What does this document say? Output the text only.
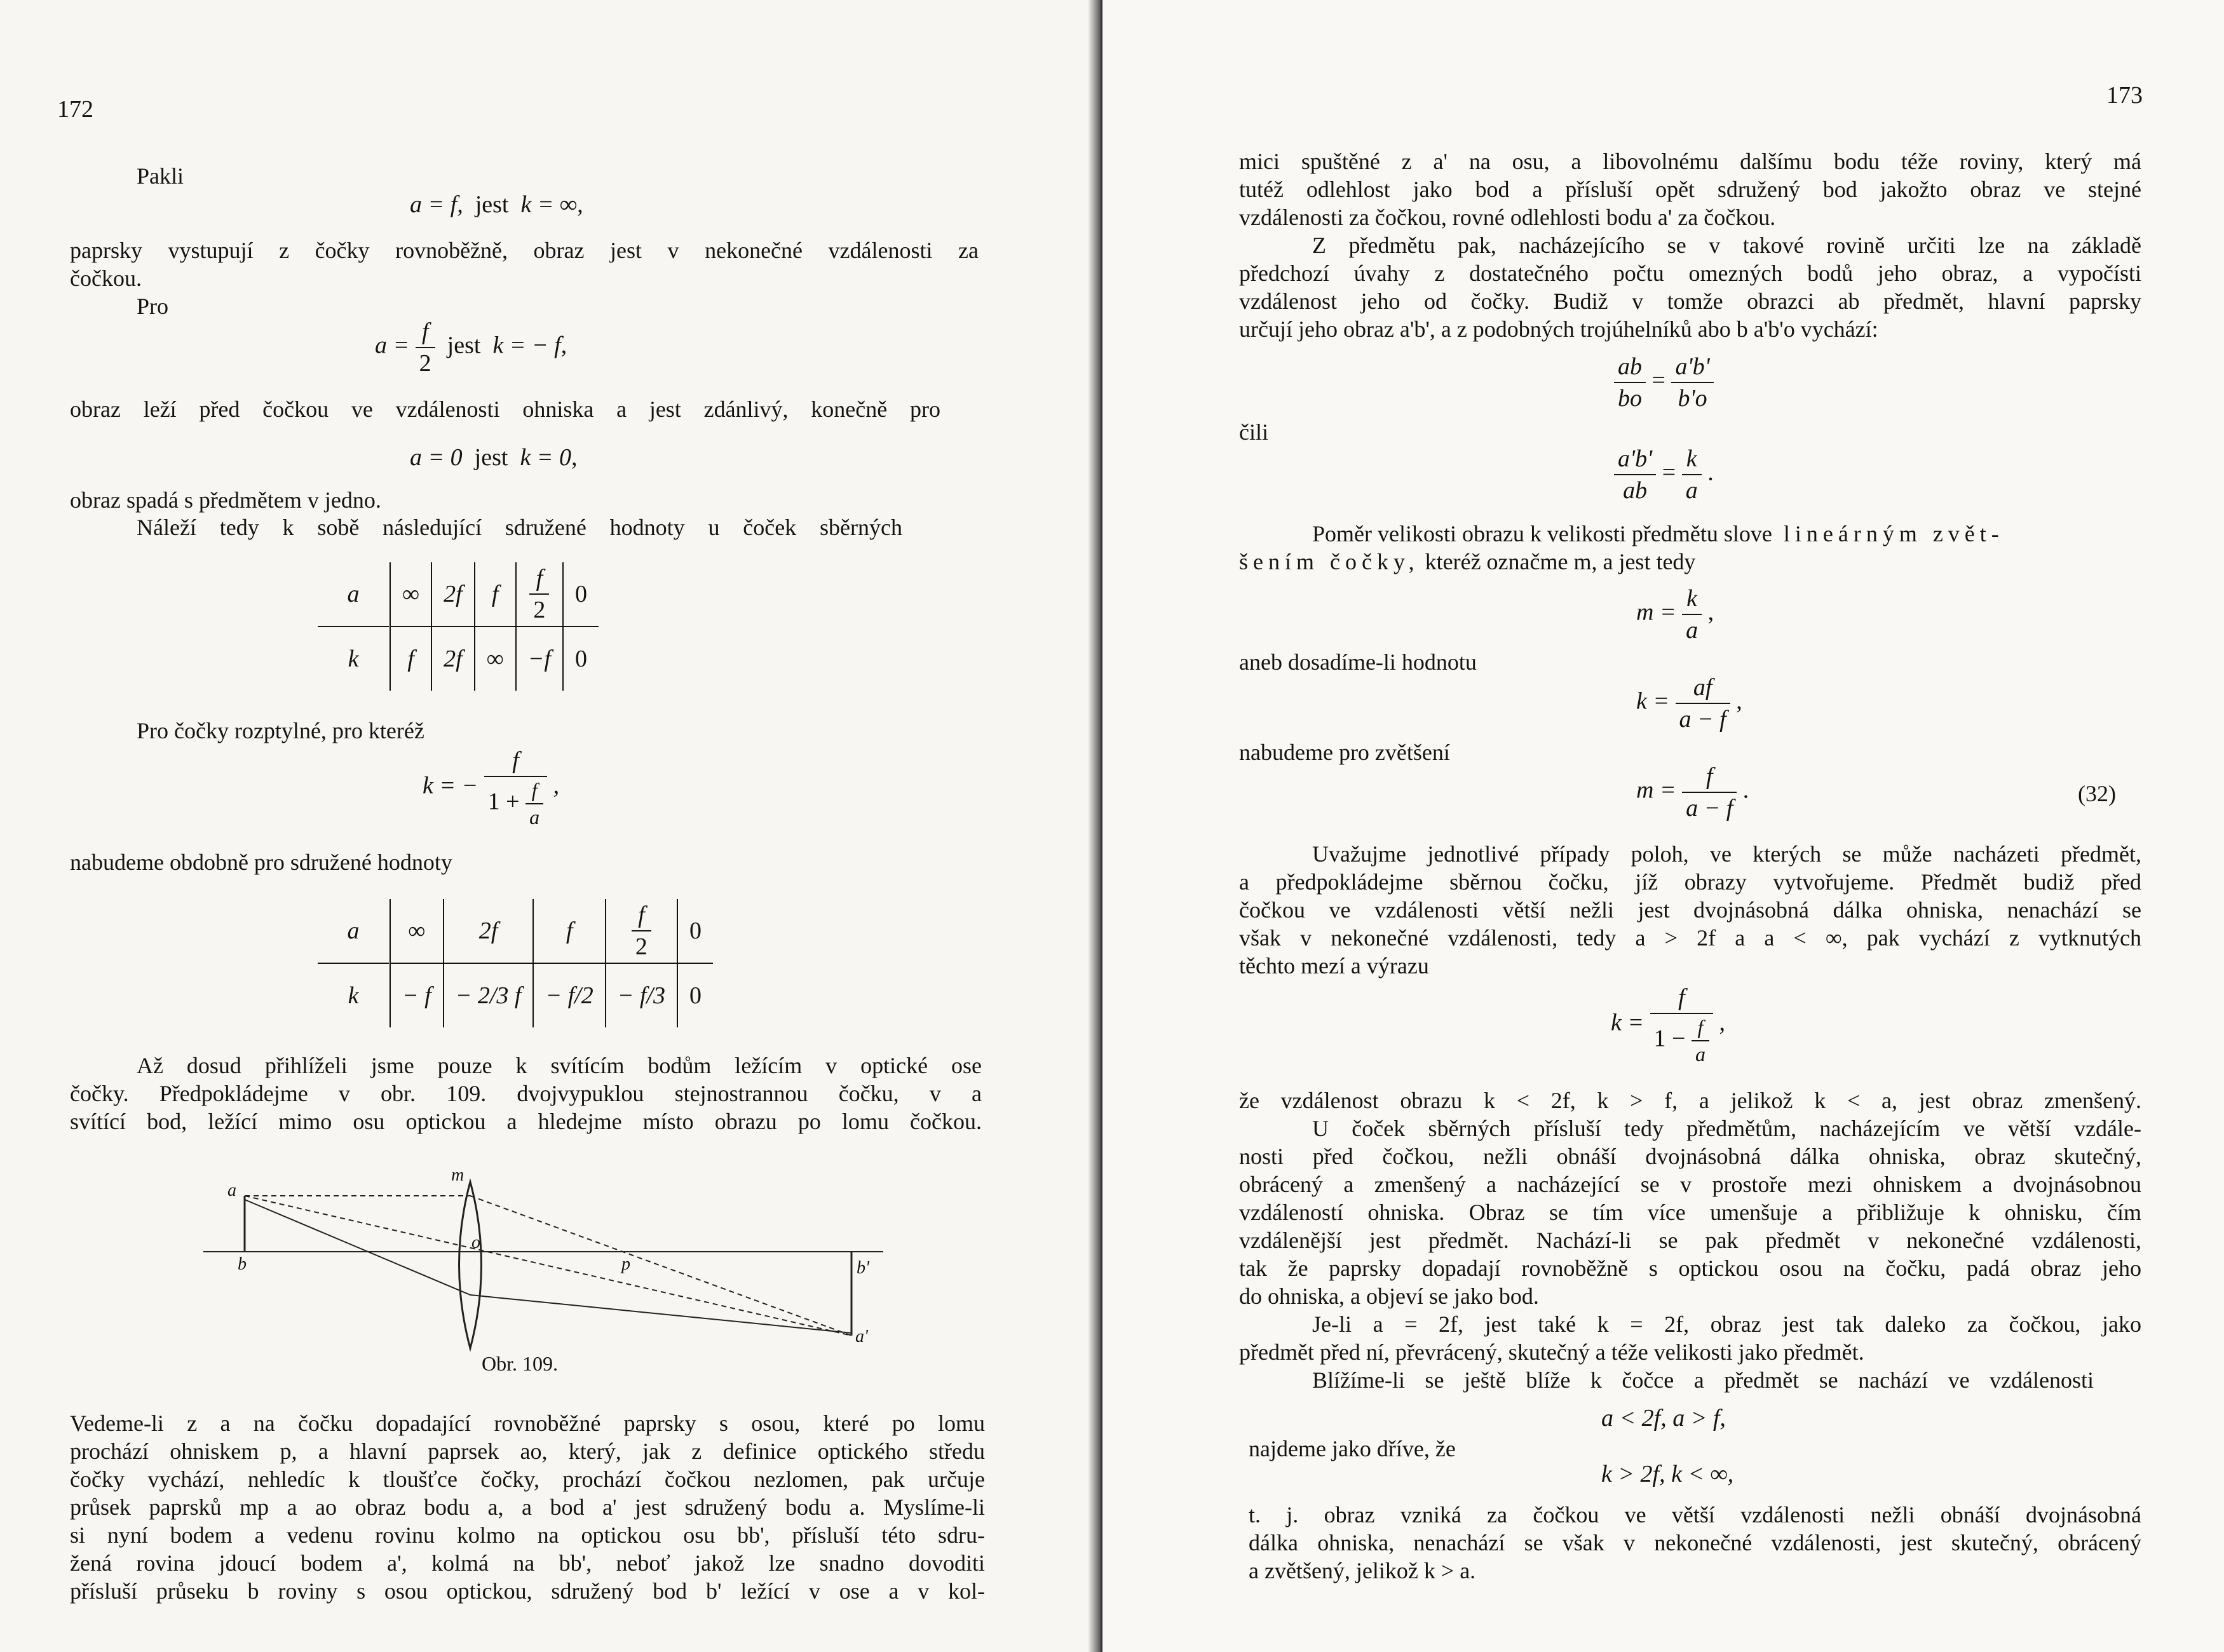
172
Pakli
a = f, jest k = ∞,
paprsky vystupují z čočky rovnoběžně, obraz jest v nekonečné vzdálenosti za
čočkou.
Pro
$a = \frac{f}{2}$ jest k = − f,
obraz leží před čočkou ve vzdálenosti ohniska a jest zdánlivý, konečně pro
a = 0 jest k = 0,
obraz spadá s předmětem v jedno.
Náleží tedy k sobě následující sdružené hodnoty u čoček sběrných
a	∞	2f	f	$\frac{f}{2}$	0
k	f	2f	∞	−f	0
Pro čočky rozptylné, pro kteréž
k = − $\frac{f}{1 + \frac{f}{a}}$ ,
nabudeme obdobně pro sdružené hodnoty
a	∞	2f	f	$\frac{f}{2}$	0
k	− f	− 2/3 f	− f/2	− f/3	0
Až dosud přihlíželi jsme pouze k svítícím bodům ležícím v optické ose
čočky. Předpokládejme v obr. 109. dvojvypuklou stejnostrannou čočku, v a
svítící bod, ležící mimo osu optickou a hledejme místo obrazu po lomu čočkou.
a
m
b
o
p	b'
a'
Obr. 109.
Vedeme-li z a na čočku dopadající rovnoběžné paprsky s osou, které po lomu
prochází ohniskem p, a hlavní paprsek ao, který, jak z definice optického středu
čočky vychází, nehledíc k tloušťce čočky, prochází čočkou nezlomen, pak určuje
průsek paprsků mp a ao obraz bodu a, a bod a' jest sdružený bodu a. Myslíme-li
si nyní bodem a vedenu rovinu kolmo na optickou osu bb', přísluší této sdru-
žená rovina jdoucí bodem a', kolmá na bb', neboť jakož lze snadno dovoditi
přísluší průseku b roviny s osou optickou, sdružený bod b' ležící v ose a v kol-
173
mici spuštěné z a' na osu, a libovolnému dalšímu bodu téže roviny, který má
tutéž odlehlost jako bod a přísluší opět sdružený bod jakožto obraz ve stejné
vzdálenosti za čočkou, rovné odlehlosti bodu a' za čočkou.
Z předmětu pak, nacházejícího se v takové rovině určiti lze na základě
předchozí úvahy z dostatečného počtu omezných bodů jeho obraz, a vypočísti
vzdálenost jeho od čočky. Budiž v tomže obrazci ab předmět, hlavní paprsky
určují jeho obraz a'b', a z podobných trojúhelníků abo b a'b'o vychází:
$\frac{ab}{bo} = \frac{a'b'}{b'o}$
čili
$\frac{a'b'}{ab} = \frac{k}{a}$ .
Poměr velikosti obrazu k velikosti předmětu slove lineárným zvět-
šením čočky, kteréž označme m, a jest tedy
$m = \frac{k}{a}$ ,
aneb dosadíme-li hodnotu
$k = \frac{af}{a - f}$ ,
nabudeme pro zvětšení
$m = \frac{f}{a - f}$ .	(32)
Uvažujme jednotlivé případy poloh, ve kterých se může nacházeti předmět,
a předpokládejme sběrnou čočku, jíž obrazy vytvořujeme. Předmět budiž před
čočkou ve vzdálenosti větší nežli jest dvojnásobná dálka ohniska, nenachází se
však v nekonečné vzdálenosti, tedy a > 2f a a < ∞, pak vychází z vytknutých
těchto mezí a výrazu
$k = \frac{f}{1 - \frac{f}{a}}$ ,
že vzdálenost obrazu k < 2f, k > f, a jelikož k < a, jest obraz zmenšený.
U čoček sběrných přísluší tedy předmětům, nacházejícím ve větší vzdále-
nosti před čočkou, nežli obnáší dvojnásobná dálka ohniska, obraz skutečný,
obrácený a zmenšený a nacházející se v prostoře mezi ohniskem a dvojnásobnou
vzdáleností ohniska. Obraz se tím více umenšuje a přibližuje k ohnisku, čím
vzdálenější jest předmět. Nachází-li se pak předmět v nekonečné vzdálenosti,
tak že paprsky dopadají rovnoběžně s optickou osou na čočku, padá obraz jeho
do ohniska, a objeví se jako bod.
Je-li a = 2f, jest také k = 2f, obraz jest tak daleko za čočkou, jako
předmět před ní, převrácený, skutečný a téže velikosti jako předmět.
Blížíme-li se ještě blíže k čočce a předmět se nachází ve vzdálenosti
a < 2f, a > f,
najdeme jako dříve, že
k > 2f, k < ∞,
t. j. obraz vzniká za čočkou ve větší vzdálenosti nežli obnáší dvojnásobná
dálka ohniska, nenachází se však v nekonečné vzdálenosti, jest skutečný, obrácený
a zvětšený, jelikož k > a.
